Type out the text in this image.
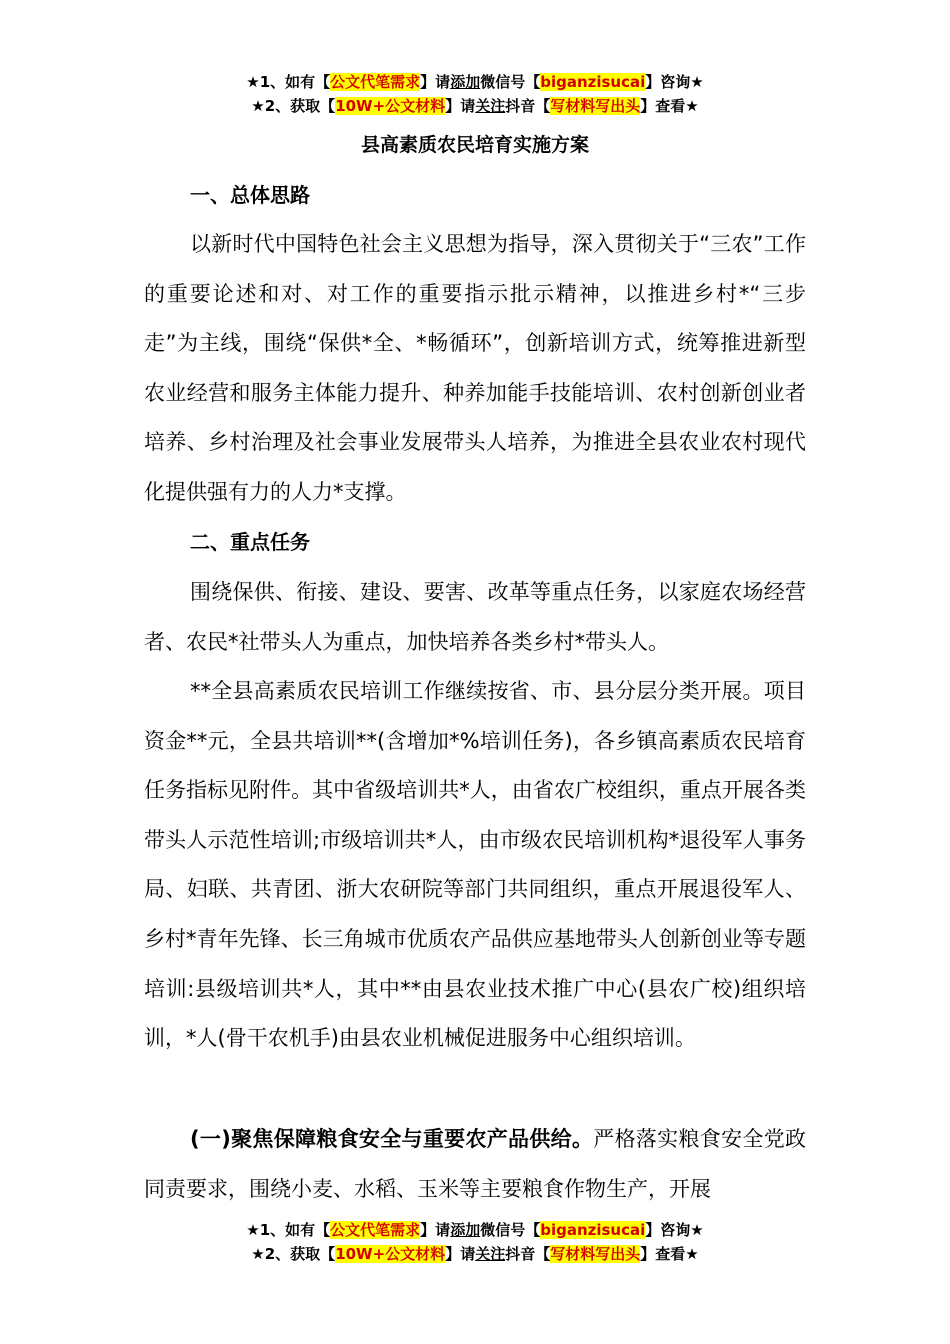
★1、如有【公文代笔需求】请添加微信号【biganzisucai】咨询★
★2、获取【10W+公文材料】请关注抖音【写材料写出头】查看★
县高素质农民培育实施方案
一、总体思路

以新时代中国特色社会主义思想为指导，深入贯彻关于“三农”工作的重要论述和对、对工作的重要指示批示精神，以推进乡村*“三步走”为主线，围绕“保供*全、*畅循环”，创新培训方式，统筹推进新型农业经营和服务主体能力提升、种养加能手技能培训、农村创新创业者培养、乡村治理及社会事业发展带头人培养，为推进全县农业农村现代化提供强有力的人力*支撑。

二、重点任务

围绕保供、衔接、建设、要害、改革等重点任务，以家庭农场经营者、农民*社带头人为重点，加快培养各类乡村*带头人。

**全县高素质农民培训工作继续按省、市、县分层分类开展。项目资金**元，全县共培训**(含增加*%培训任务)，各乡镇高素质农民培育任务指标见附件。其中省级培训共*人，由省农广校组织，重点开展各类带头人示范性培训;市级培训共*人，由市级农民培训机构*退役军人事务局、妇联、共青团、浙大农研院等部门共同组织，重点开展退役军人、乡村*青年先锋、长三角城市优质农产品供应基地带头人创新创业等专题培训:县级培训共*人，其中**由县农业技术推广中心(县农广校)组织培训，*人(骨干农机手)由县农业机械促进服务中心组织培训。

(一)聚焦保障粮食安全与重要农产品供给。严格落实粮食安全党政同责要求，围绕小麦、水稻、玉米等主要粮食作物生产，开展

★1、如有【公文代笔需求】请添加微信号【biganzisucai】咨询★
★2、获取【10W+公文材料】请关注抖音【写材料写出头】查看★
